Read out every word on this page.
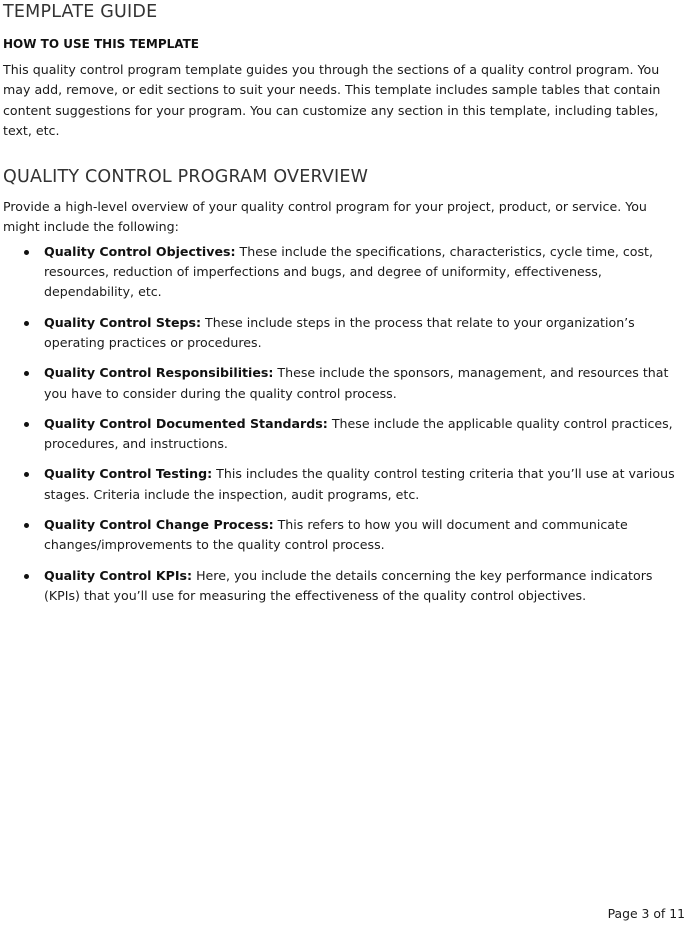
TEMPLATE GUIDE
HOW TO USE THIS TEMPLATE

This quality control program template guides you through the sections of a quality control program. You may add, remove, or edit sections to suit your needs. This template includes sample tables that contain content suggestions for your program. You can customize any section in this template, including tables, text, etc.

QUALITY CONTROL PROGRAM OVERVIEW

Provide a high-level overview of your quality control program for your project, product, or service. You might include the following:

Quality Control Objectives: These include the specifications, characteristics, cycle time, cost, resources, reduction of imperfections and bugs, and degree of uniformity, effectiveness, dependability, etc.
Quality Control Steps: These include steps in the process that relate to your organization’s operating practices or procedures.
Quality Control Responsibilities: These include the sponsors, management, and resources that you have to consider during the quality control process.
Quality Control Documented Standards: These include the applicable quality control practices, procedures, and instructions.
Quality Control Testing: This includes the quality control testing criteria that you’ll use at various stages. Criteria include the inspection, audit programs, etc.
Quality Control Change Process: This refers to how you will document and communicate changes/improvements to the quality control process.
Quality Control KPIs: Here, you include the details concerning the key performance indicators (KPIs) that you’ll use for measuring the effectiveness of the quality control objectives.
Page 3 of 11
